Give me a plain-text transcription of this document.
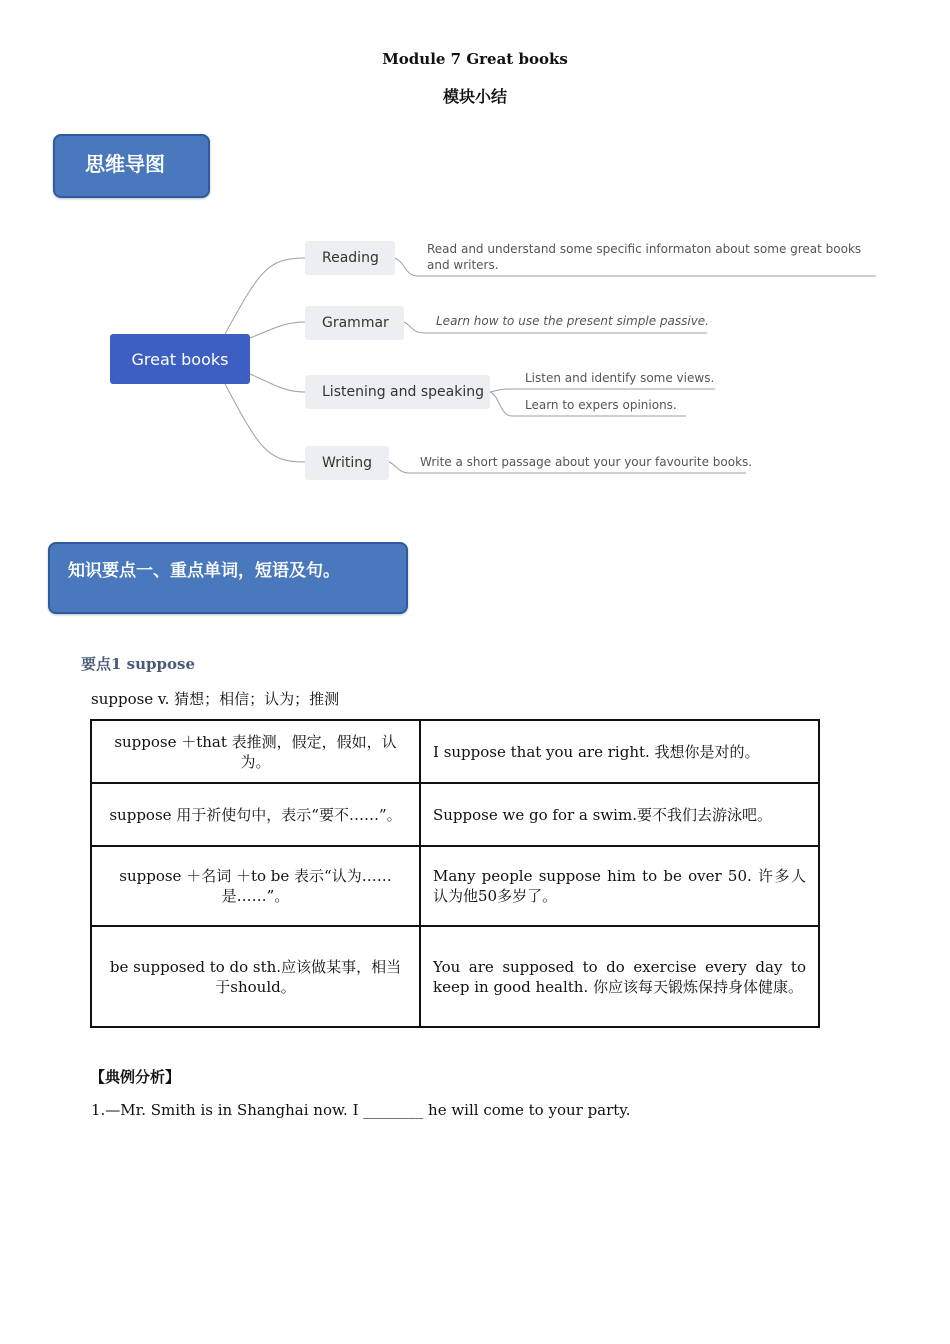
Module 7 Great books
模块小结
思维导图
Great books
Reading
Grammar
Listening and speaking
Writing
Read and understand some specific informaton about some great books
and writers.
Learn how to use the present simple passive.
Listen and identify some views.
Learn to expers opinions.
Write a short passage about your your favourite books.
知识要点一、重点单词，短语及句。
要点1 suppose
suppose v. 猜想；相信；认为；推测
suppose ＋that 表推测，假定，假如，认为。	I suppose that you are right. 我想你是对的。
suppose 用于祈使句中，表示“要不……”。	Suppose we go for a swim.要不我们去游泳吧。
suppose ＋名词 ＋to be 表示“认为……是……”。	Many people suppose him to be over 50. 许多人认为他50多岁了。
be supposed to do sth.应该做某事，相当于should。	You are supposed to do exercise every day to keep in good health. 你应该每天锻炼保持身体健康。
【典例分析】
1.—Mr. Smith is in Shanghai now. I ________ he will come to your party.
